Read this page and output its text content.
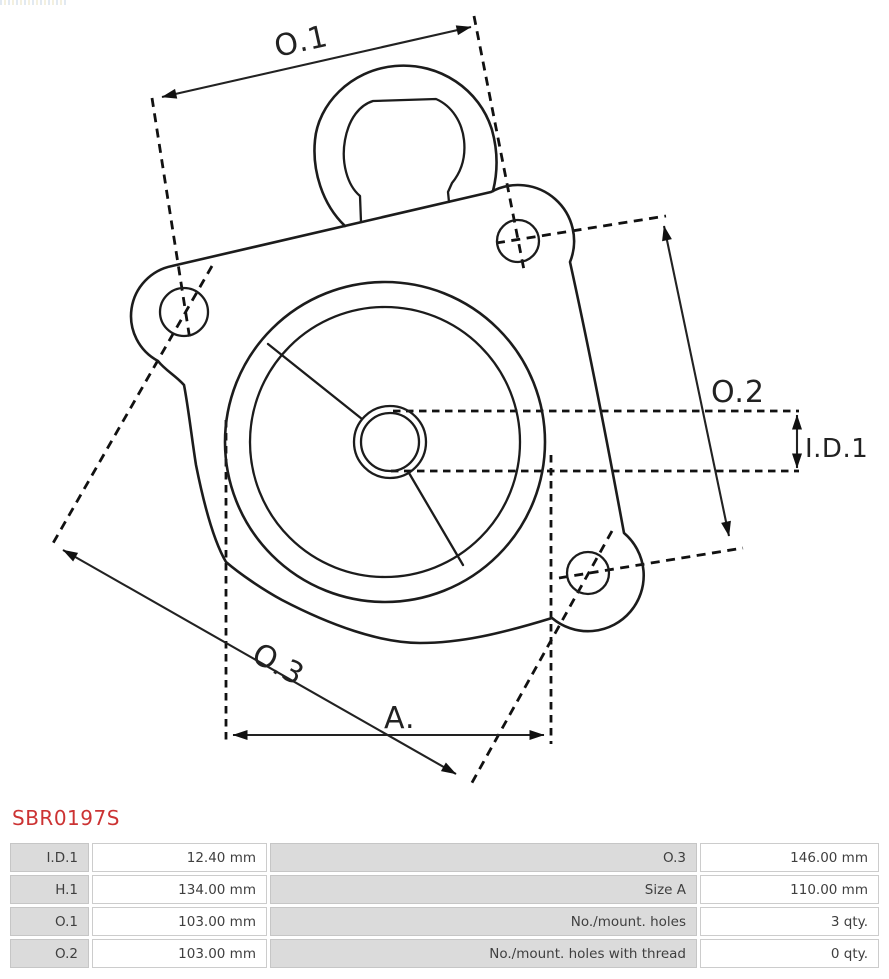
O.1
O.2
O.3
A.
I.D.1
SBR0197S
I.D.1	12.40 mm	O.3	146.00 mm
H.1	134.00 mm	Size A	110.00 mm
O.1	103.00 mm	No./mount. holes	3 qty.
O.2	103.00 mm	No./mount. holes with thread	0 qty.
